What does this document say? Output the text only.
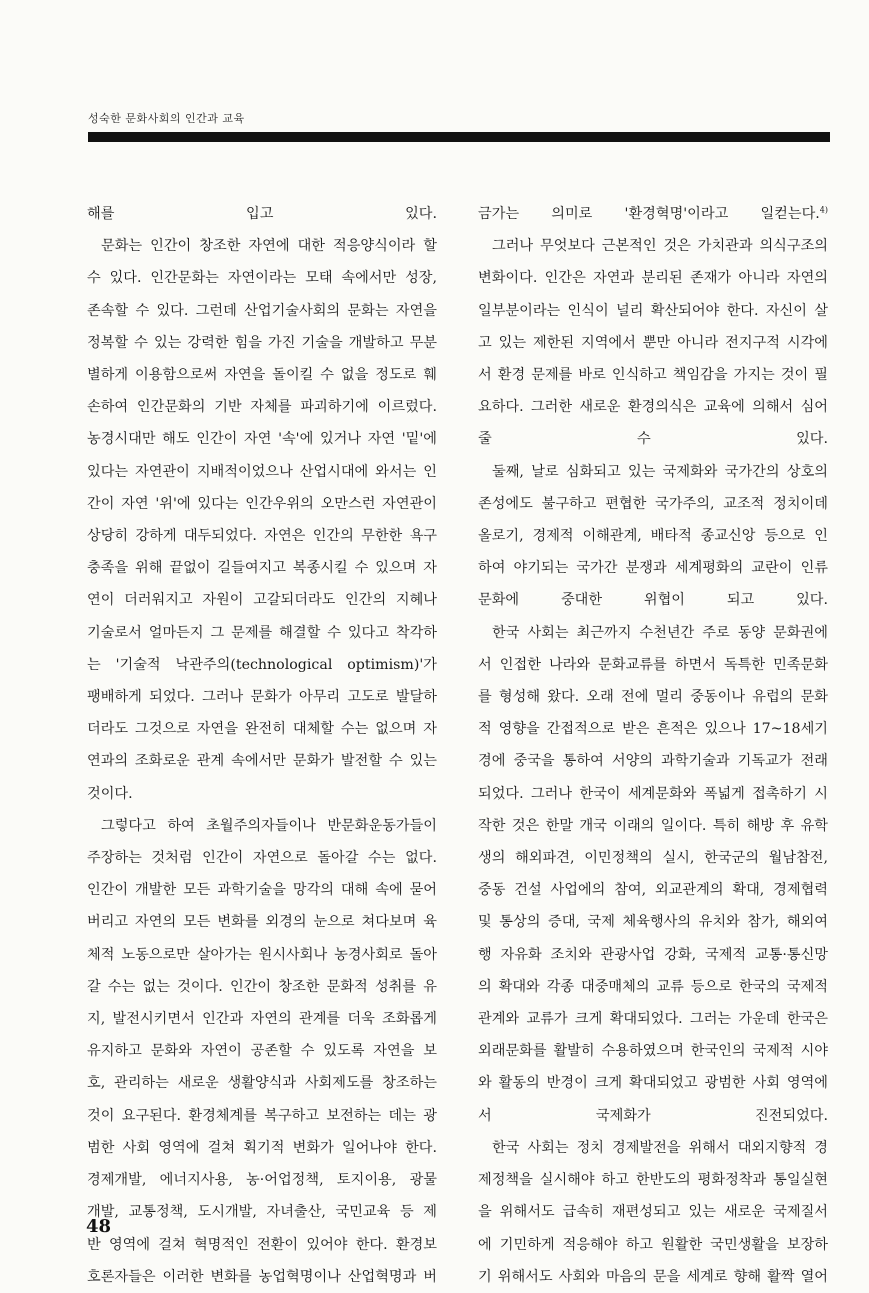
성숙한 문화사회의 인간과 교육

해를 입고 있다.
문화는 인간이 창조한 자연에 대한 적응양식이라 할
수 있다. 인간문화는 자연이라는 모태 속에서만 성장,
존속할 수 있다. 그런데 산업기술사회의 문화는 자연을
정복할 수 있는 강력한 힘을 가진 기술을 개발하고 무분
별하게 이용함으로써 자연을 돌이킬 수 없을 정도로 훼
손하여 인간문화의 기반 자체를 파괴하기에 이르렀다.
농경시대만 해도 인간이 자연 '속'에 있거나 자연 '밑'에
있다는 자연관이 지배적이었으나 산업시대에 와서는 인
간이 자연 '위'에 있다는 인간우위의 오만스런 자연관이
상당히 강하게 대두되었다. 자연은 인간의 무한한 욕구
충족을 위해 끝없이 길들여지고 복종시킬 수 있으며 자
연이 더러워지고 자원이 고갈되더라도 인간의 지혜나
기술로서 얼마든지 그 문제를 해결할 수 있다고 착각하
는 '기술적 낙관주의(technological optimism)'가
팽배하게 되었다. 그러나 문화가 아무리 고도로 발달하
더라도 그것으로 자연을 완전히 대체할 수는 없으며 자
연과의 조화로운 관계 속에서만 문화가 발전할 수 있는
것이다.
그렇다고 하여 초월주의자들이나 반문화운동가들이
주장하는 것처럼 인간이 자연으로 돌아갈 수는 없다.
인간이 개발한 모든 과학기술을 망각의 대해 속에 묻어
버리고 자연의 모든 변화를 외경의 눈으로 쳐다보며 육
체적 노동으로만 살아가는 원시사회나 농경사회로 돌아
갈 수는 없는 것이다. 인간이 창조한 문화적 성취를 유
지, 발전시키면서 인간과 자연의 관계를 더욱 조화롭게
유지하고 문화와 자연이 공존할 수 있도록 자연을 보
호, 관리하는 새로운 생활양식과 사회제도를 창조하는
것이 요구된다. 환경체계를 복구하고 보전하는 데는 광
범한 사회 영역에 걸쳐 획기적 변화가 일어나야 한다.
경제개발, 에너지사용, 농·어업정책, 토지이용, 광물
개발, 교통정책, 도시개발, 자녀출산, 국민교육 등 제
반 영역에 걸쳐 혁명적인 전환이 있어야 한다. 환경보
호론자들은 이러한 변화를 농업혁명이나 산업혁명과 버

금가는 의미로 '환경혁명'이라고 일컫는다.$^{4)}$
그러나 무엇보다 근본적인 것은 가치관과 의식구조의
변화이다. 인간은 자연과 분리된 존재가 아니라 자연의
일부분이라는 인식이 널리 확산되어야 한다. 자신이 살
고 있는 제한된 지역에서 뿐만 아니라 전지구적 시각에
서 환경 문제를 바로 인식하고 책임감을 가지는 것이 필
요하다. 그러한 새로운 환경의식은 교육에 의해서 심어
줄 수 있다.
둘째, 날로 심화되고 있는 국제화와 국가간의 상호의
존성에도 불구하고 편협한 국가주의, 교조적 정치이데
올로기, 경제적 이해관계, 배타적 종교신앙 등으로 인
하여 야기되는 국가간 분쟁과 세계평화의 교란이 인류
문화에 중대한 위협이 되고 있다.
한국 사회는 최근까지 수천년간 주로 동양 문화권에
서 인접한 나라와 문화교류를 하면서 독특한 민족문화
를 형성해 왔다. 오래 전에 멀리 중동이나 유럽의 문화
적 영향을 간접적으로 받은 흔적은 있으나 17~18세기
경에 중국을 통하여 서양의 과학기술과 기독교가 전래
되었다. 그러나 한국이 세계문화와 폭넓게 접촉하기 시
작한 것은 한말 개국 이래의 일이다. 특히 해방 후 유학
생의 해외파견, 이민정책의 실시, 한국군의 월남참전,
중동 건설 사업에의 참여, 외교관계의 확대, 경제협력
및 통상의 증대, 국제 체육행사의 유치와 참가, 해외여
행 자유화 조치와 관광사업 강화, 국제적 교통·통신망
의 확대와 각종 대중매체의 교류 등으로 한국의 국제적
관계와 교류가 크게 확대되었다. 그러는 가운데 한국은
외래문화를 활발히 수용하였으며 한국인의 국제적 시야
와 활동의 반경이 크게 확대되었고 광범한 사회 영역에
서 국제화가 진전되었다.
한국 사회는 정치 경제발전을 위해서 대외지향적 경
제정책을 실시해야 하고 한반도의 평화정착과 통일실현
을 위해서도 급속히 재편성되고 있는 새로운 국제질서
에 기민하게 적응해야 하고 원활한 국민생활을 보장하
기 위해서도 사회와 마음의 문을 세계로 향해 활짝 열어

48
